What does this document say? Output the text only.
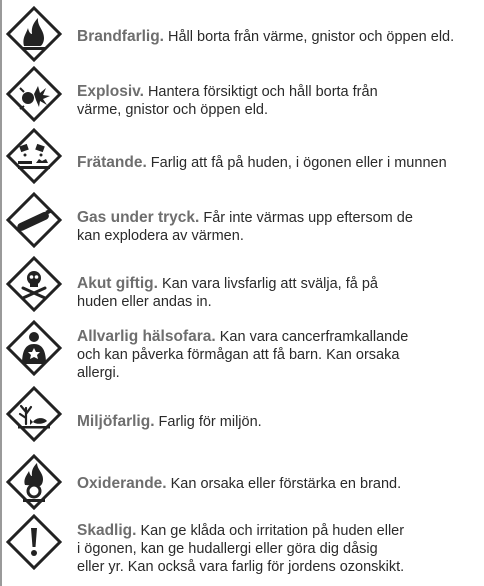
Brandfarlig. Håll borta från värme, gnistor och öppen eld.
Explosiv. Hantera försiktigt och håll borta från
värme, gnistor och öppen eld.
Frätande. Farlig att få på huden, i ögonen eller i munnen
Gas under tryck. Får inte värmas upp eftersom de
kan explodera av värmen.
Akut giftig. Kan vara livsfarlig att svälja, få på
huden eller andas in.
Allvarlig hälsofara. Kan vara cancerframkallande
och kan påverka förmågan att få barn. Kan orsaka
allergi.
Miljöfarlig. Farlig för miljön.
Oxiderande. Kan orsaka eller förstärka en brand.
Skadlig. Kan ge klåda och irritation på huden eller
i ögonen, kan ge hudallergi eller göra dig dåsig
eller yr. Kan också vara farlig för jordens ozonskikt.
